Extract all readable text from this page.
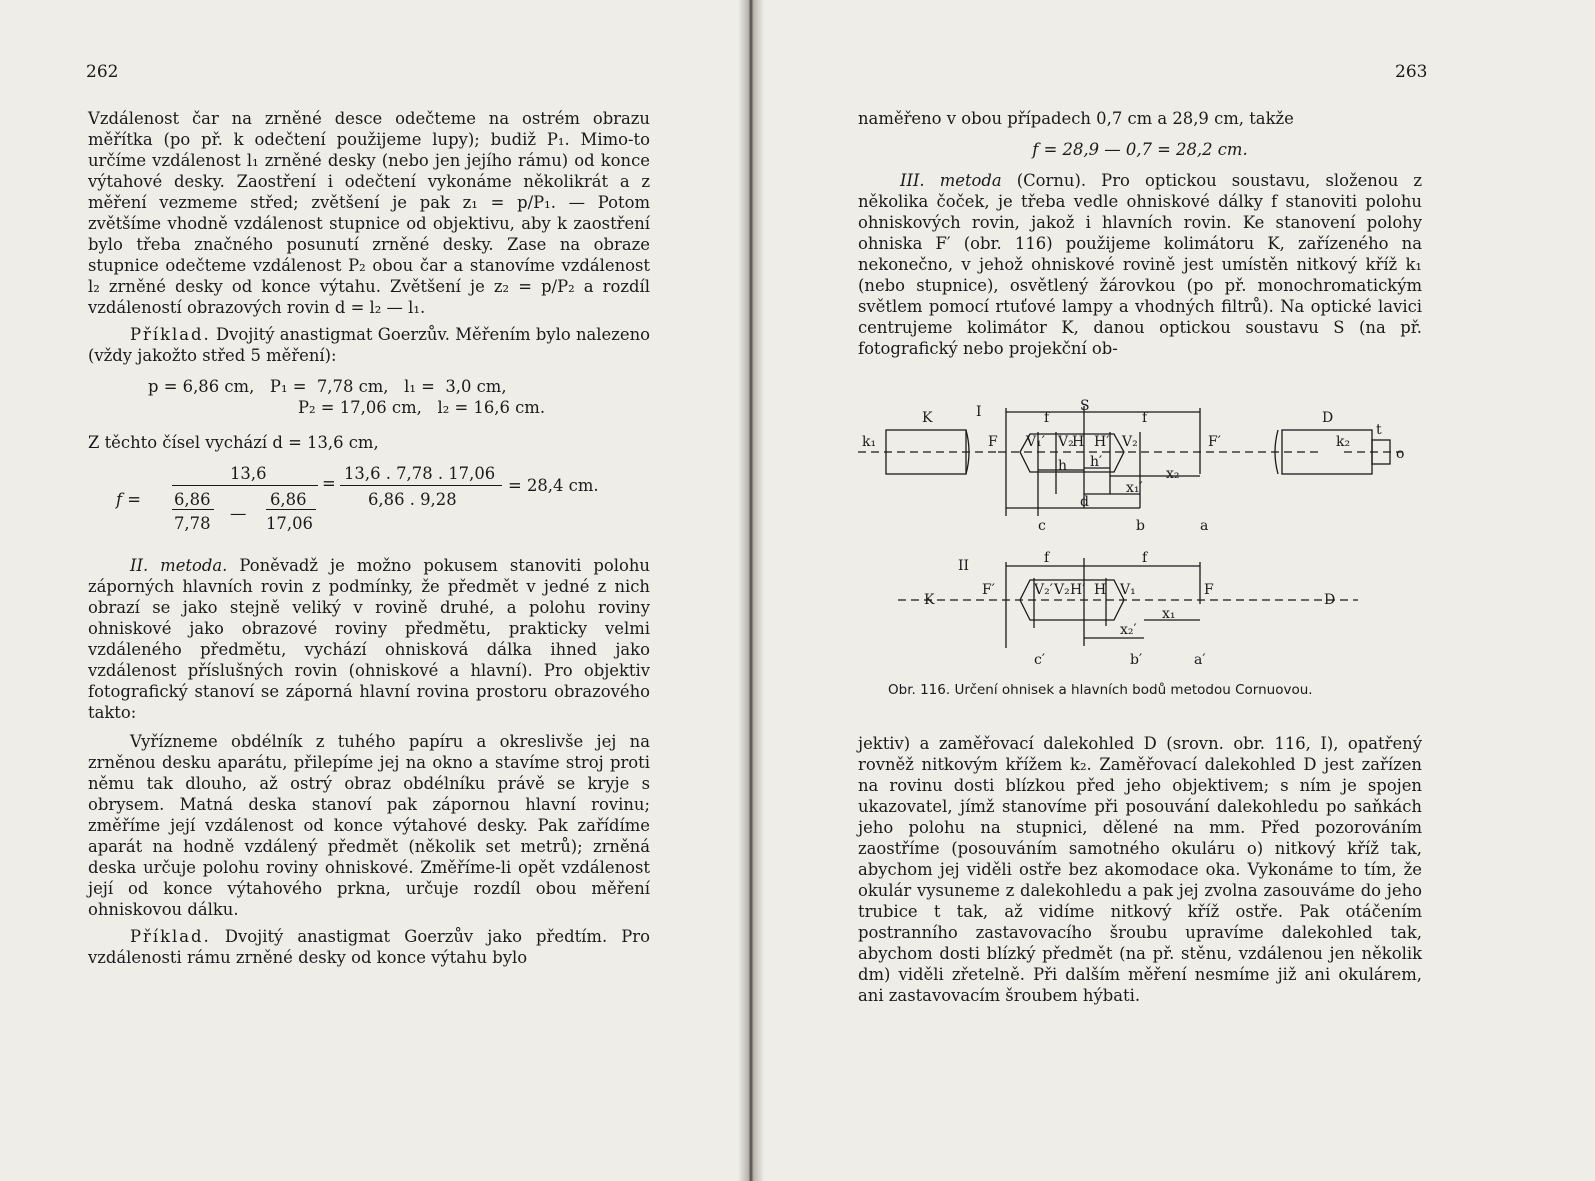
262	263

Vzdálenost čar na zrněné desce odečteme na ostrém obrazu měřítka (po př. k odečtení použijeme lupy); budiž P₁. Mimo-to určíme vzdálenost l₁ zrněné desky (nebo jen jejího rámu) od konce výtahové desky. Zaostření i odečtení vykonáme několikrát a z měření vezmeme střed; zvětšení je pak z₁ = p/P₁. — Potom zvětšíme vhodně vzdálenost stupnice od objektivu, aby k zaostření bylo třeba značného posunutí zrněné desky. Zase na obraze stupnice odečteme vzdálenost P₂ obou čar a stanovíme vzdálenost l₂ zrněné desky od konce výtahu. Zvětšení je z₂ = p/P₂ a rozdíl vzdáleností obrazových rovin d = l₂ — l₁.

Příklad. Dvojitý anastigmat Goerzův. Měřením bylo nalezeno (vždy jakožto střed 5 měření):

p = 6,86 cm,   P₁ =  7,78 cm,   l₁ =  3,0 cm,

P₂ = 17,06 cm,   l₂ = 16,6 cm.

Z těchto čísel vychází d = 13,6 cm,

f =
13,6
6,86
7,78
—
6,86
17,06
=
13,6 . 7,78 . 17,06
6,86 . 9,28
= 28,4 cm.

II. metoda. Poněvadž je možno pokusem stanoviti polohu záporných hlavních rovin z podmínky, že předmět v jedné z nich obrazí se jako stejně veliký v rovině druhé, a polohu roviny ohniskové jako obrazové roviny předmětu, prakticky velmi vzdáleného předmětu, vychází ohnisková dálka ihned jako vzdálenost příslušných rovin (ohniskové a hlavní). Pro objektiv fotografický stanoví se záporná hlavní rovina prostoru obrazového takto:

Vyřízneme obdélník z tuhého papíru a okreslivše jej na zrněnou desku aparátu, přilepíme jej na okno a stavíme stroj proti němu tak dlouho, až ostrý obraz obdélníku právě se kryje s obrysem. Matná deska stanoví pak zápornou hlavní rovinu; změříme její vzdálenost od konce výtahové desky. Pak zařídíme aparát na hodně vzdálený předmět (několik set metrů); zrněná deska určuje polohu roviny ohniskové. Změříme-li opět vzdálenost její od konce výtahového prkna, určuje rozdíl obou měření ohniskovou dálku.

Příklad. Dvojitý anastigmat Goerzův jako předtím. Pro vzdálenosti rámu zrněné desky od konce výtahu bylo

naměřeno v obou případech 0,7 cm a 28,9 cm, takže

f = 28,9 — 0,7 = 28,2 cm.

III. metoda (Cornu). Pro optickou soustavu, složenou z několika čoček, je třeba vedle ohniskové dálky f stanoviti polohu ohniskových rovin, jakož i hlavních rovin. Ke stanovení polohy ohniska F′ (obr. 116) použijeme kolimátoru K, zařízeného na nekonečno, v jehož ohniskové rovině jest umístěn nitkový kříž k₁ (nebo stupnice), osvětlený žárovkou (po př. monochromatickým světlem pomocí rtuťové lampy a vhodných filtrů). Na optické lavici centrujeme kolimátor K, danou optickou soustavu S (na př. fotografický nebo projekční ob-

K	I	f
S
f	D
t
k₁	F V₁′ V₂
H H′ V₂	F′	k₂
o
h h′
x₂
x₁′
d
c	b	a
II	f	f
K
F′	V₂′ V₂ H′ H V₁	F
D
x₁
x₂′
c′	b′	a′
Obr. 116. Určení ohnisek a hlavních bodů metodou Cornuovou.

jektiv) a zaměřovací dalekohled D (srovn. obr. 116, I), opatřený rovněž nitkovým křížem k₂. Zaměřovací dalekohled D jest zařízen na rovinu dosti blízkou před jeho objektivem; s ním je spojen ukazovatel, jímž stanovíme při posouvání dalekohledu po saňkách jeho polohu na stupnici, dělené na mm. Před pozorováním zaostříme (posouváním samotného okuláru o) nitkový kříž tak, abychom jej viděli ostře bez akomodace oka. Vykonáme to tím, že okulár vysuneme z dalekohledu a pak jej zvolna zasouváme do jeho trubice t tak, až vidíme nitkový kříž ostře. Pak otáčením postranního zastavovacího šroubu upravíme dalekohled tak, abychom dosti blízký předmět (na př. stěnu, vzdálenou jen několik dm) viděli zřetelně. Při dalším měření nesmíme již ani okulárem, ani zastavovacím šroubem hýbati.
